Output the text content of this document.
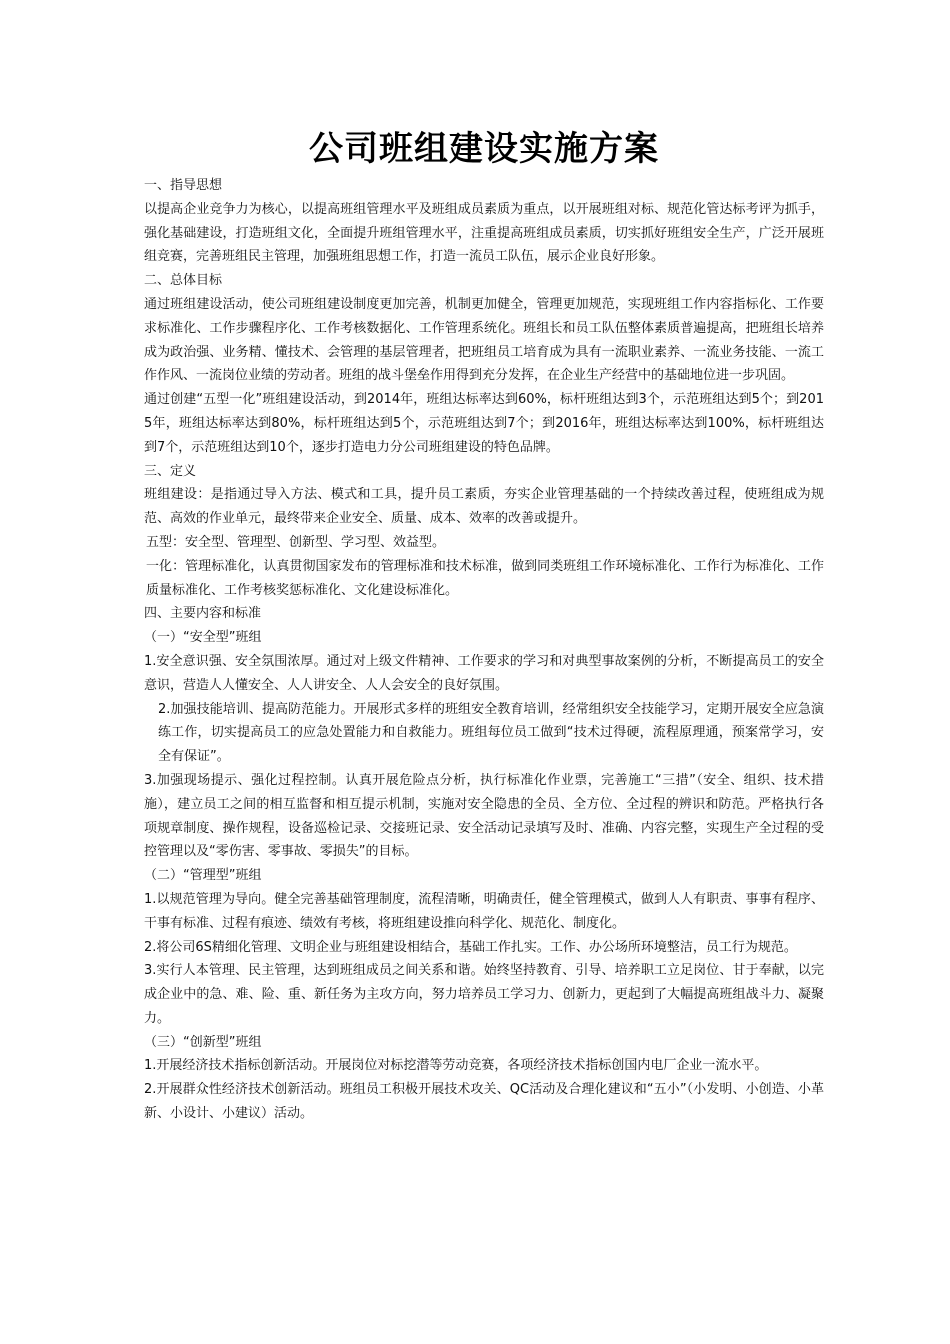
公司班组建设实施方案

一、指导思想

以提高企业竞争力为核心，以提高班组管理水平及班组成员素质为重点，以开展班组对标、规范化管达标考评为抓手，强化基础建设，打造班组文化，全面提升班组管理水平，注重提高班组成员素质，切实抓好班组安全生产，广泛开展班组竞赛，完善班组民主管理，加强班组思想工作，打造一流员工队伍，展示企业良好形象。

二、总体目标

通过班组建设活动，使公司班组建设制度更加完善，机制更加健全，管理更加规范，实现班组工作内容指标化、工作要求标准化、工作步骤程序化、工作考核数据化、工作管理系统化。班组长和员工队伍整体素质普遍提高，把班组长培养成为政治强、业务精、懂技术、会管理的基层管理者，把班组员工培育成为具有一流职业素养、一流业务技能、一流工作作风、一流岗位业绩的劳动者。班组的战斗堡垒作用得到充分发挥，在企业生产经营中的基础地位进一步巩固。

通过创建“五型一化”班组建设活动，到2014年，班组达标率达到60%，标杆班组达到3个，示范班组达到5个；到2015年，班组达标率达到80%，标杆班组达到5个，示范班组达到7个；到2016年，班组达标率达到100%，标杆班组达到7个，示范班组达到10个，逐步打造电力分公司班组建设的特色品牌。

三、定义

班组建设：是指通过导入方法、模式和工具，提升员工素质，夯实企业管理基础的一个持续改善过程，使班组成为规范、高效的作业单元，最终带来企业安全、质量、成本、效率的改善或提升。

五型：安全型、管理型、创新型、学习型、效益型。

一化：管理标准化，认真贯彻国家发布的管理标准和技术标准，做到同类班组工作环境标准化、工作行为标准化、工作质量标准化、工作考核奖惩标准化、文化建设标准化。

四、主要内容和标准

（一）“安全型”班组

1.安全意识强、安全氛围浓厚。通过对上级文件精神、工作要求的学习和对典型事故案例的分析，不断提高员工的安全意识，营造人人懂安全、人人讲安全、人人会安全的良好氛围。

2.加强技能培训、提高防范能力。开展形式多样的班组安全教育培训，经常组织安全技能学习，定期开展安全应急演练工作，切实提高员工的应急处置能力和自救能力。班组每位员工做到“技术过得硬，流程原理通，预案常学习，安全有保证”。

3.加强现场提示、强化过程控制。认真开展危险点分析，执行标准化作业票，完善施工“三措”（安全、组织、技术措施），建立员工之间的相互监督和相互提示机制，实施对安全隐患的全员、全方位、全过程的辨识和防范。严格执行各项规章制度、操作规程，设备巡检记录、交接班记录、安全活动记录填写及时、准确、内容完整，实现生产全过程的受控管理以及“零伤害、零事故、零损失”的目标。

（二）“管理型”班组

1.以规范管理为导向。健全完善基础管理制度，流程清晰，明确责任，健全管理模式，做到人人有职责、事事有程序、干事有标准、过程有痕迹、绩效有考核，将班组建设推向科学化、规范化、制度化。

2.将公司6S精细化管理、文明企业与班组建设相结合，基础工作扎实。工作、办公场所环境整洁，员工行为规范。

3.实行人本管理、民主管理，达到班组成员之间关系和谐。始终坚持教育、引导、培养职工立足岗位、甘于奉献，以完成企业中的急、难、险、重、新任务为主攻方向，努力培养员工学习力、创新力，更起到了大幅提高班组战斗力、凝聚力。

（三）“创新型”班组

1.开展经济技术指标创新活动。开展岗位对标挖潜等劳动竞赛，各项经济技术指标创国内电厂企业一流水平。

2.开展群众性经济技术创新活动。班组员工积极开展技术攻关、QC活动及合理化建议和“五小”（小发明、小创造、小革新、小设计、小建议）活动。
